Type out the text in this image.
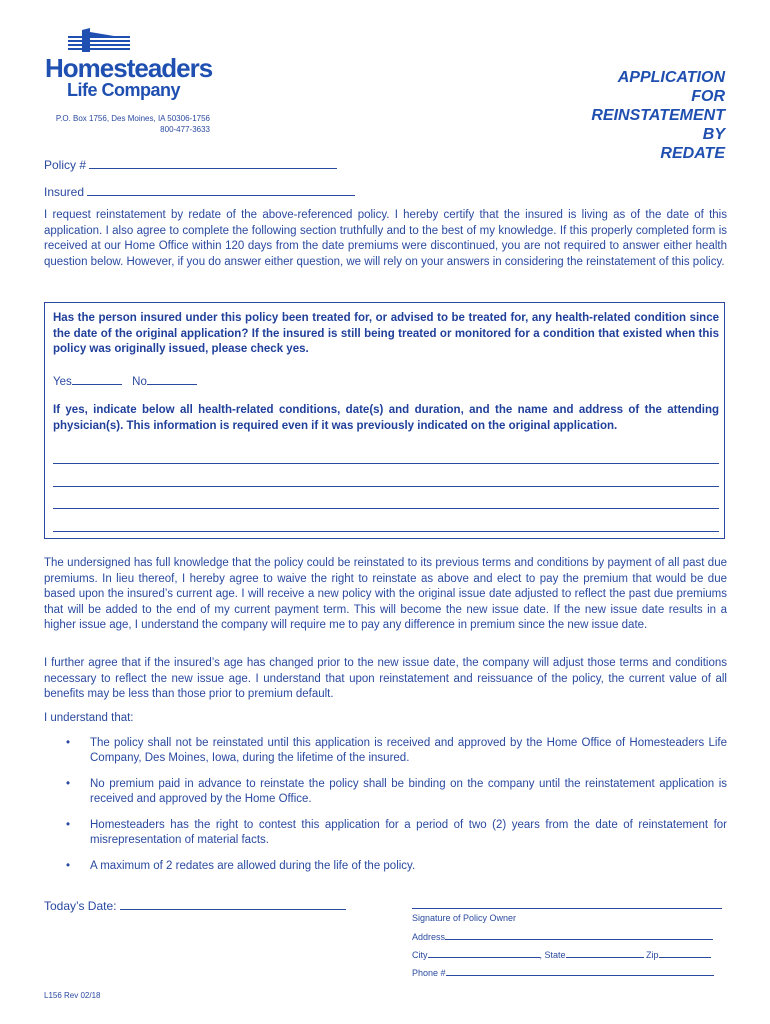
Homesteaders
Life Company
P.O. Box 1756, Des Moines, IA 50306-1756
800-477-3633
APPLICATION
FOR
REINSTATEMENT
BY
REDATE
Policy #
Insured
I request reinstatement by redate of the above-referenced policy. I hereby certify that the insured is living as of the date of this application. I also agree to complete the following section truthfully and to the best of my knowledge. If this properly completed form is received at our Home Office within 120 days from the date premiums were discontinued, you are not required to answer either health question below. However, if you do answer either question, we will rely on your answers in considering the reinstatement of this policy.
Has the person insured under this policy been treated for, or advised to be treated for, any health-related condition since the date of the original application? If the insured is still being treated or monitored for a condition that existed when this policy was originally issued, please check yes.
Yes	No
If yes, indicate below all health-related conditions, date(s) and duration, and the name and address of the attending physician(s). This information is required even if it was previously indicated on the original application.
The undersigned has full knowledge that the policy could be reinstated to its previous terms and conditions by payment of all past due premiums. In lieu thereof, I hereby agree to waive the right to reinstate as above and elect to pay the premium that would be due based upon the insured’s current age. I will receive a new policy with the original issue date adjusted to reflect the past due premiums that will be added to the end of my current payment term. This will become the new issue date. If the new issue date results in a higher issue age, I understand the company will require me to pay any difference in premium since the new issue date.
I further agree that if the insured’s age has changed prior to the new issue date, the company will adjust those terms and conditions necessary to reflect the new issue age. I understand that upon reinstatement and reissuance of the policy, the current value of all benefits may be less than those prior to premium default.
I understand that:
• The policy shall not be reinstated until this application is received and approved by the Home Office of Homesteaders Life Company, Des Moines, Iowa, during the lifetime of the insured.
• No premium paid in advance to reinstate the policy shall be binding on the company until the reinstatement application is received and approved by the Home Office.
• Homesteaders has the right to contest this application for a period of two (2) years from the date of reinstatement for misrepresentation of material facts.
• A maximum of 2 redates are allowed during the life of the policy.
Today’s Date:
Signature of Policy Owner
Address
City	, State	Zip
Phone #
L156 Rev 02/18
